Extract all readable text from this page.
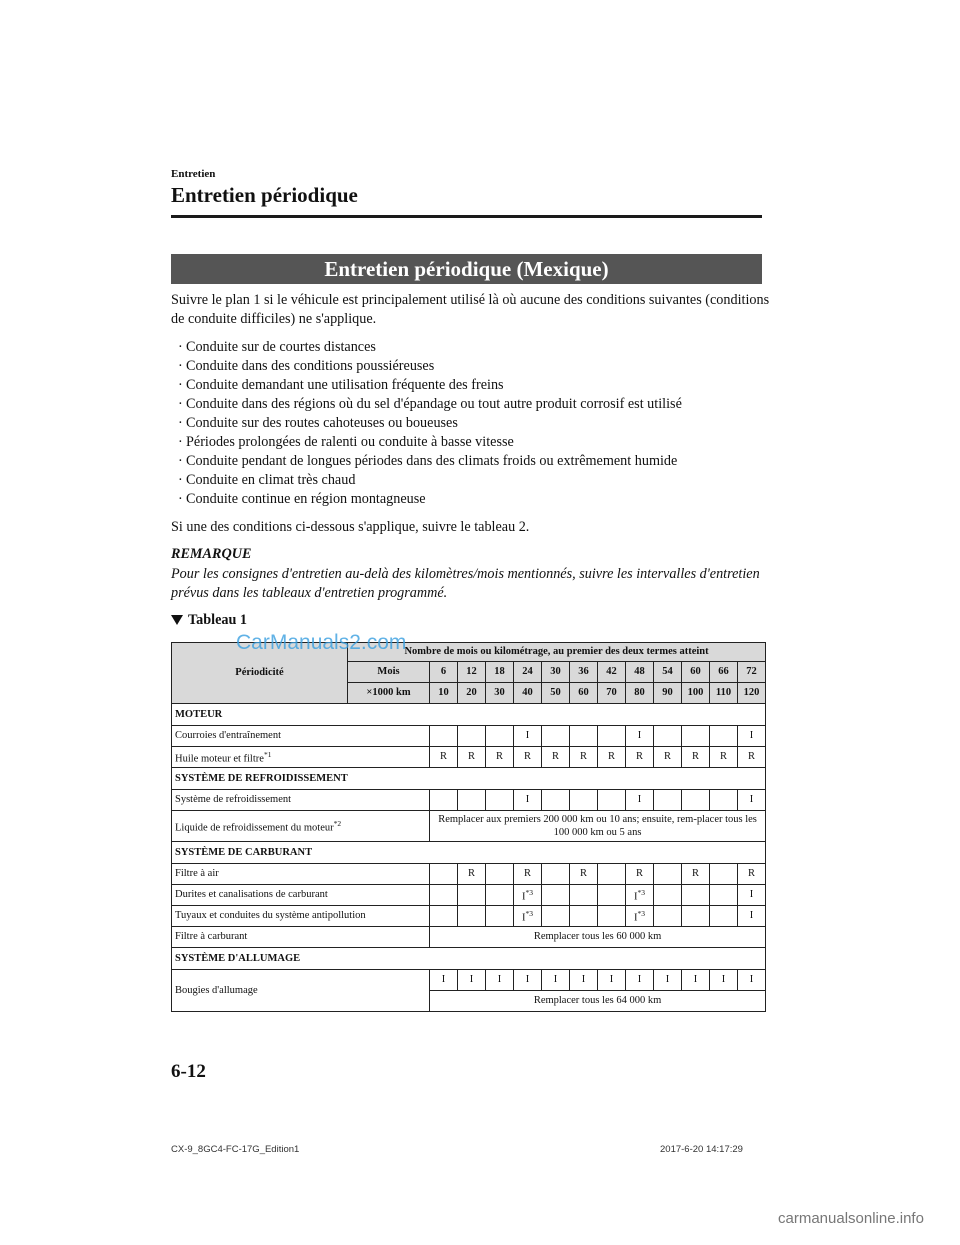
Entretien
Entretien périodique
Entretien périodique (Mexique)
Suivre le plan 1 si le véhicule est principalement utilisé là où aucune des conditions suivantes (conditions de conduite difficiles) ne s'applique.
· Conduite sur de courtes distances
· Conduite dans des conditions poussiéreuses
· Conduite demandant une utilisation fréquente des freins
· Conduite dans des régions où du sel d'épandage ou tout autre produit corrosif est utilisé
· Conduite sur des routes cahoteuses ou boueuses
· Périodes prolongées de ralenti ou conduite à basse vitesse
· Conduite pendant de longues périodes dans des climats froids ou extrêmement humide
· Conduite en climat très chaud
· Conduite continue en région montagneuse
Si une des conditions ci-dessous s'applique, suivre le tableau 2.
REMARQUE
Pour les consignes d'entretien au-delà des kilomètres/mois mentionnés, suivre les intervalles d'entretien prévus dans les tableaux d'entretien programmé.
Tableau 1
Périodicité	Nombre de mois ou kilométrage, au premier des deux termes atteint												
	Mois	6	12	18	24	30	36	42	48	54	60	66	72
	×1000 km	10	20	30	40	50	60	70	80	90	100	110	120
MOTEUR													
Courroies d'entraînement					I				I				I
Huile moteur et filtre$^{*1}$		R	R	R	R	R	R	R	R	R	R	R	R
SYSTÈME DE REFROIDISSEMENT													
Système de refroidissement					I				I				I
Liquide de refroidissement du moteur$^{*2}$		Remplacer aux premiers 200 000 km ou 10 ans; ensuite, rem-placer tous les 100 000 km ou 5 ans											
SYSTÈME DE CARBURANT													
Filtre à air			R		R		R		R		R		R
Durites et canalisations de carburant					$I^{*3}$				$I^{*3}$				I
Tuyaux et conduites du système antipollution					$I^{*3}$				$I^{*3}$				I
Filtre à carburant		Remplacer tous les 60 000 km											
SYSTÈME D'ALLUMAGE													
Bougies d'allumage		I	I	I	I	I	I	I	I	I	I	I	I
		Remplacer tous les 64 000 km											
CarManuals2.com
6-12
CX-9_8GC4-FC-17G_Edition1	2017-6-20 14:17:29
carmanualsonline.info
